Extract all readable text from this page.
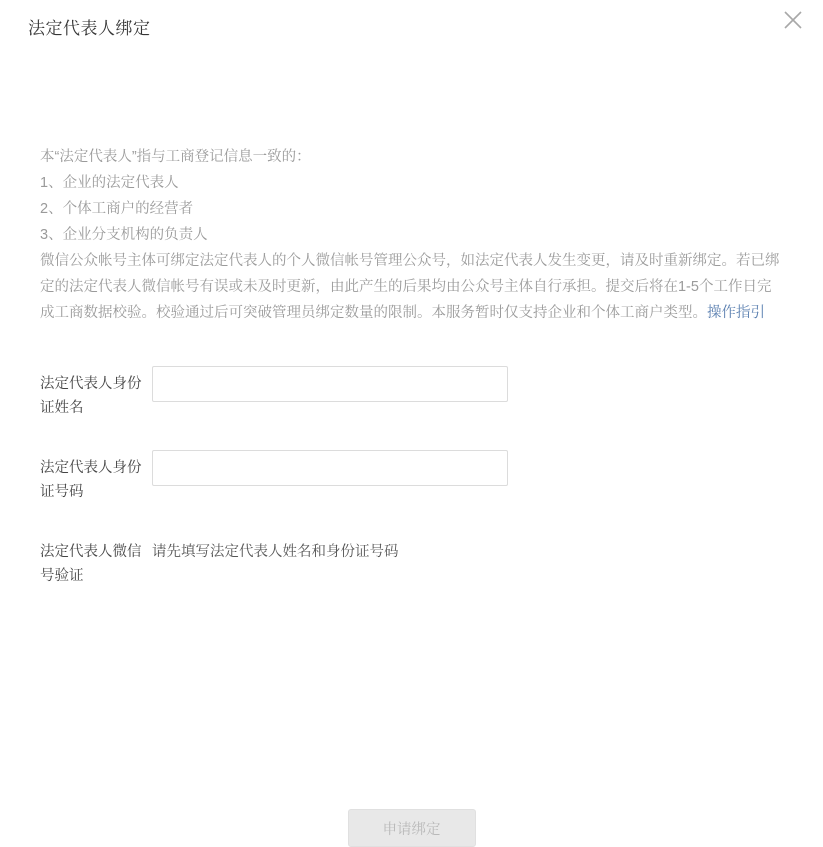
法定代表人绑定

本“法定代表人”指与工商登记信息一致的：

1、企业的法定代表人

2、个体工商户的经营者

3、企业分支机构的负责人

微信公众帐号主体可绑定法定代表人的个人微信帐号管理公众号，如法定代表人发生变更，请及时重新绑定。若已绑定的法定代表人微信帐号有误或未及时更新，由此产生的后果均由公众号主体自行承担。提交后将在1-5个工作日完成工商数据校验。校验通过后可突破管理员绑定数量的限制。本服务暂时仅支持企业和个体工商户类型。操作指引
法定代表人身份证姓名
法定代表人身份证号码
法定代表人微信号验证
请先填写法定代表人姓名和身份证号码
申请绑定
